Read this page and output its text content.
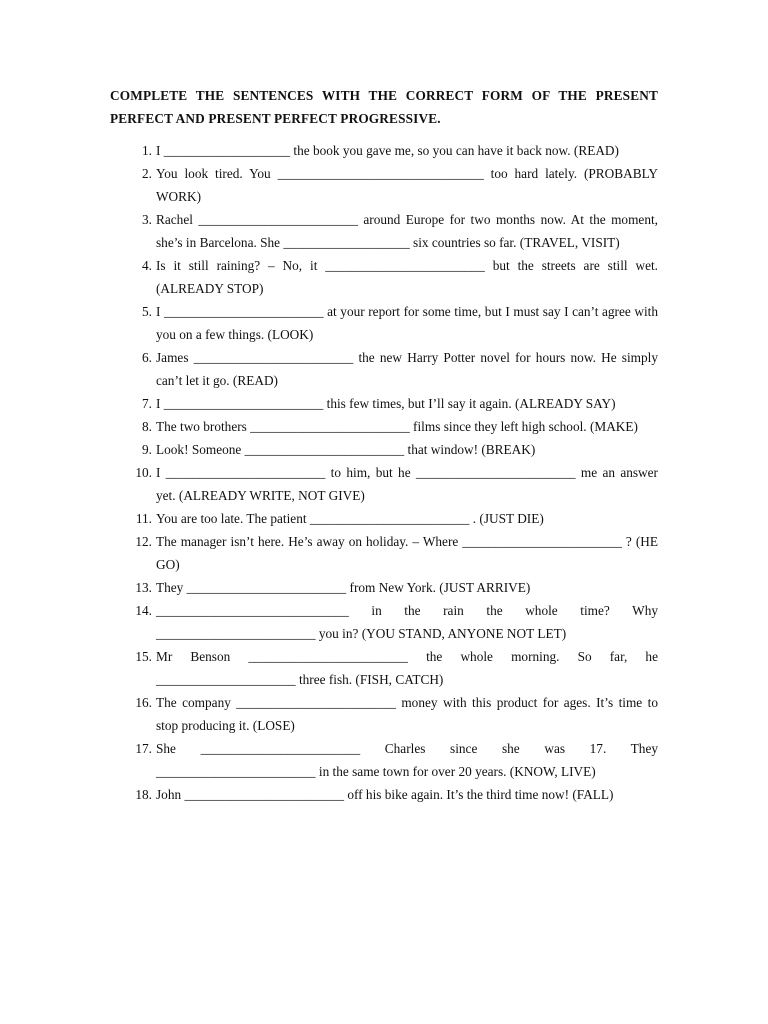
COMPLETE THE SENTENCES WITH THE CORRECT FORM OF THE PRESENT
PERFECT AND PRESENT PERFECT PROGRESSIVE.
1. I ___________________ the book you gave me, so you can have it back now. (READ)
2. You look tired. You _______________________________ too hard lately. (PROBABLY WORK)
3. Rachel ________________________ around Europe for two months now. At the moment, she’s in Barcelona. She ___________________ six countries so far. (TRAVEL, VISIT)
4. Is it still raining? – No, it ________________________ but the streets are still wet. (ALREADY STOP)
5. I ________________________ at your report for some time, but I must say I can’t agree with you on a few things. (LOOK)
6. James ________________________ the new Harry Potter novel for hours now. He simply can’t let it go. (READ)
7. I ________________________ this few times, but I’ll say it again. (ALREADY SAY)
8. The two brothers ________________________ films since they left high school. (MAKE)
9. Look! Someone ________________________ that window! (BREAK)
10. I ________________________ to him, but he ________________________ me an answer yet. (ALREADY WRITE, NOT GIVE)
11. You are too late. The patient ________________________ . (JUST DIE)
12. The manager isn’t here. He’s away on holiday. – Where ________________________ ? (HE GO)
13. They ________________________ from New York. (JUST ARRIVE)
14. _____________________________ in the rain the whole time? Why ________________________ you in? (YOU STAND, ANYONE NOT LET)
15. Mr Benson ________________________ the whole morning. So far, he _____________________ three fish. (FISH, CATCH)
16. The company ________________________ money with this product for ages. It’s time to stop producing it. (LOSE)
17. She ________________________ Charles since she was 17. They ________________________ in the same town for over 20 years. (KNOW, LIVE)
18. John ________________________ off his bike again. It’s the third time now! (FALL)
